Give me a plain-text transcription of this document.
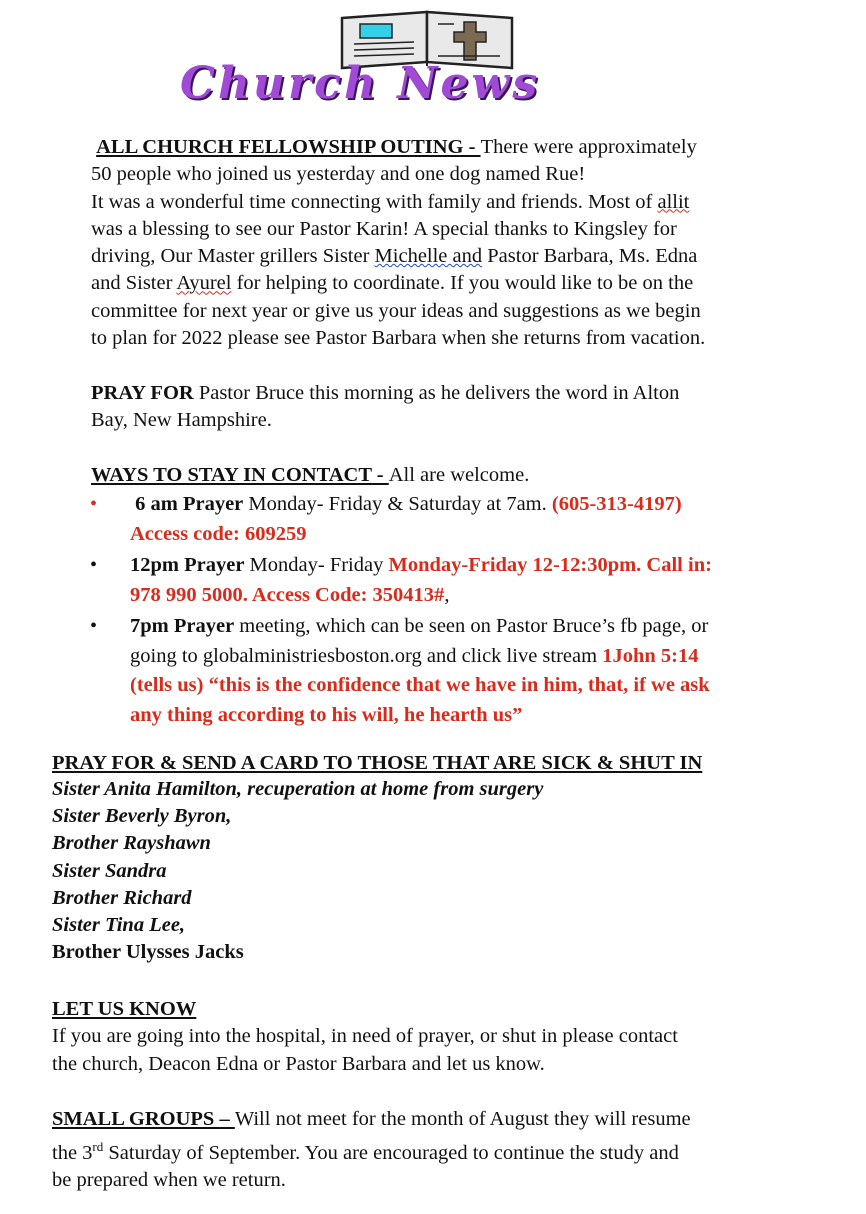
Church News
ALL CHURCH FELLOWSHIP OUTING - There were approximately
50 people who joined us yesterday and one dog named Rue!
It was a wonderful time connecting with family and friends. Most of allit
was a blessing to see our Pastor Karin! A special thanks to Kingsley for
driving, Our Master grillers Sister Michelle and Pastor Barbara, Ms. Edna
and Sister Ayurel for helping to coordinate. If you would like to be on the
committee for next year or give us your ideas and suggestions as we begin
to plan for 2022 please see Pastor Barbara when she returns from vacation.
PRAY FOR Pastor Bruce this morning as he delivers the word in Alton
Bay, New Hampshire.
WAYS TO STAY IN CONTACT - All are welcome.
• 6 am Prayer Monday- Friday & Saturday at 7am. (605-313-4197)
Access code: 609259
• 12pm Prayer Monday- Friday Monday-Friday 12-12:30pm. Call in:
978 990 5000. Access Code: 350413#,
• 7pm Prayer meeting, which can be seen on Pastor Bruce’s fb page, or
going to globalministriesboston.org and click live stream 1John 5:14
(tells us) “this is the confidence that we have in him, that, if we ask
any thing according to his will, he hearth us”
PRAY FOR & SEND A CARD TO THOSE THAT ARE SICK & SHUT IN
Sister Anita Hamilton, recuperation at home from surgery
Sister Beverly Byron,
Brother Rayshawn
Sister Sandra
Brother Richard
Sister Tina Lee,
Brother Ulysses Jacks
LET US KNOW
If you are going into the hospital, in need of prayer, or shut in please contact
the church, Deacon Edna or Pastor Barbara and let us know.
SMALL GROUPS – Will not meet for the month of August they will resume
the 3rd Saturday of September. You are encouraged to continue the study and
be prepared when we return.
